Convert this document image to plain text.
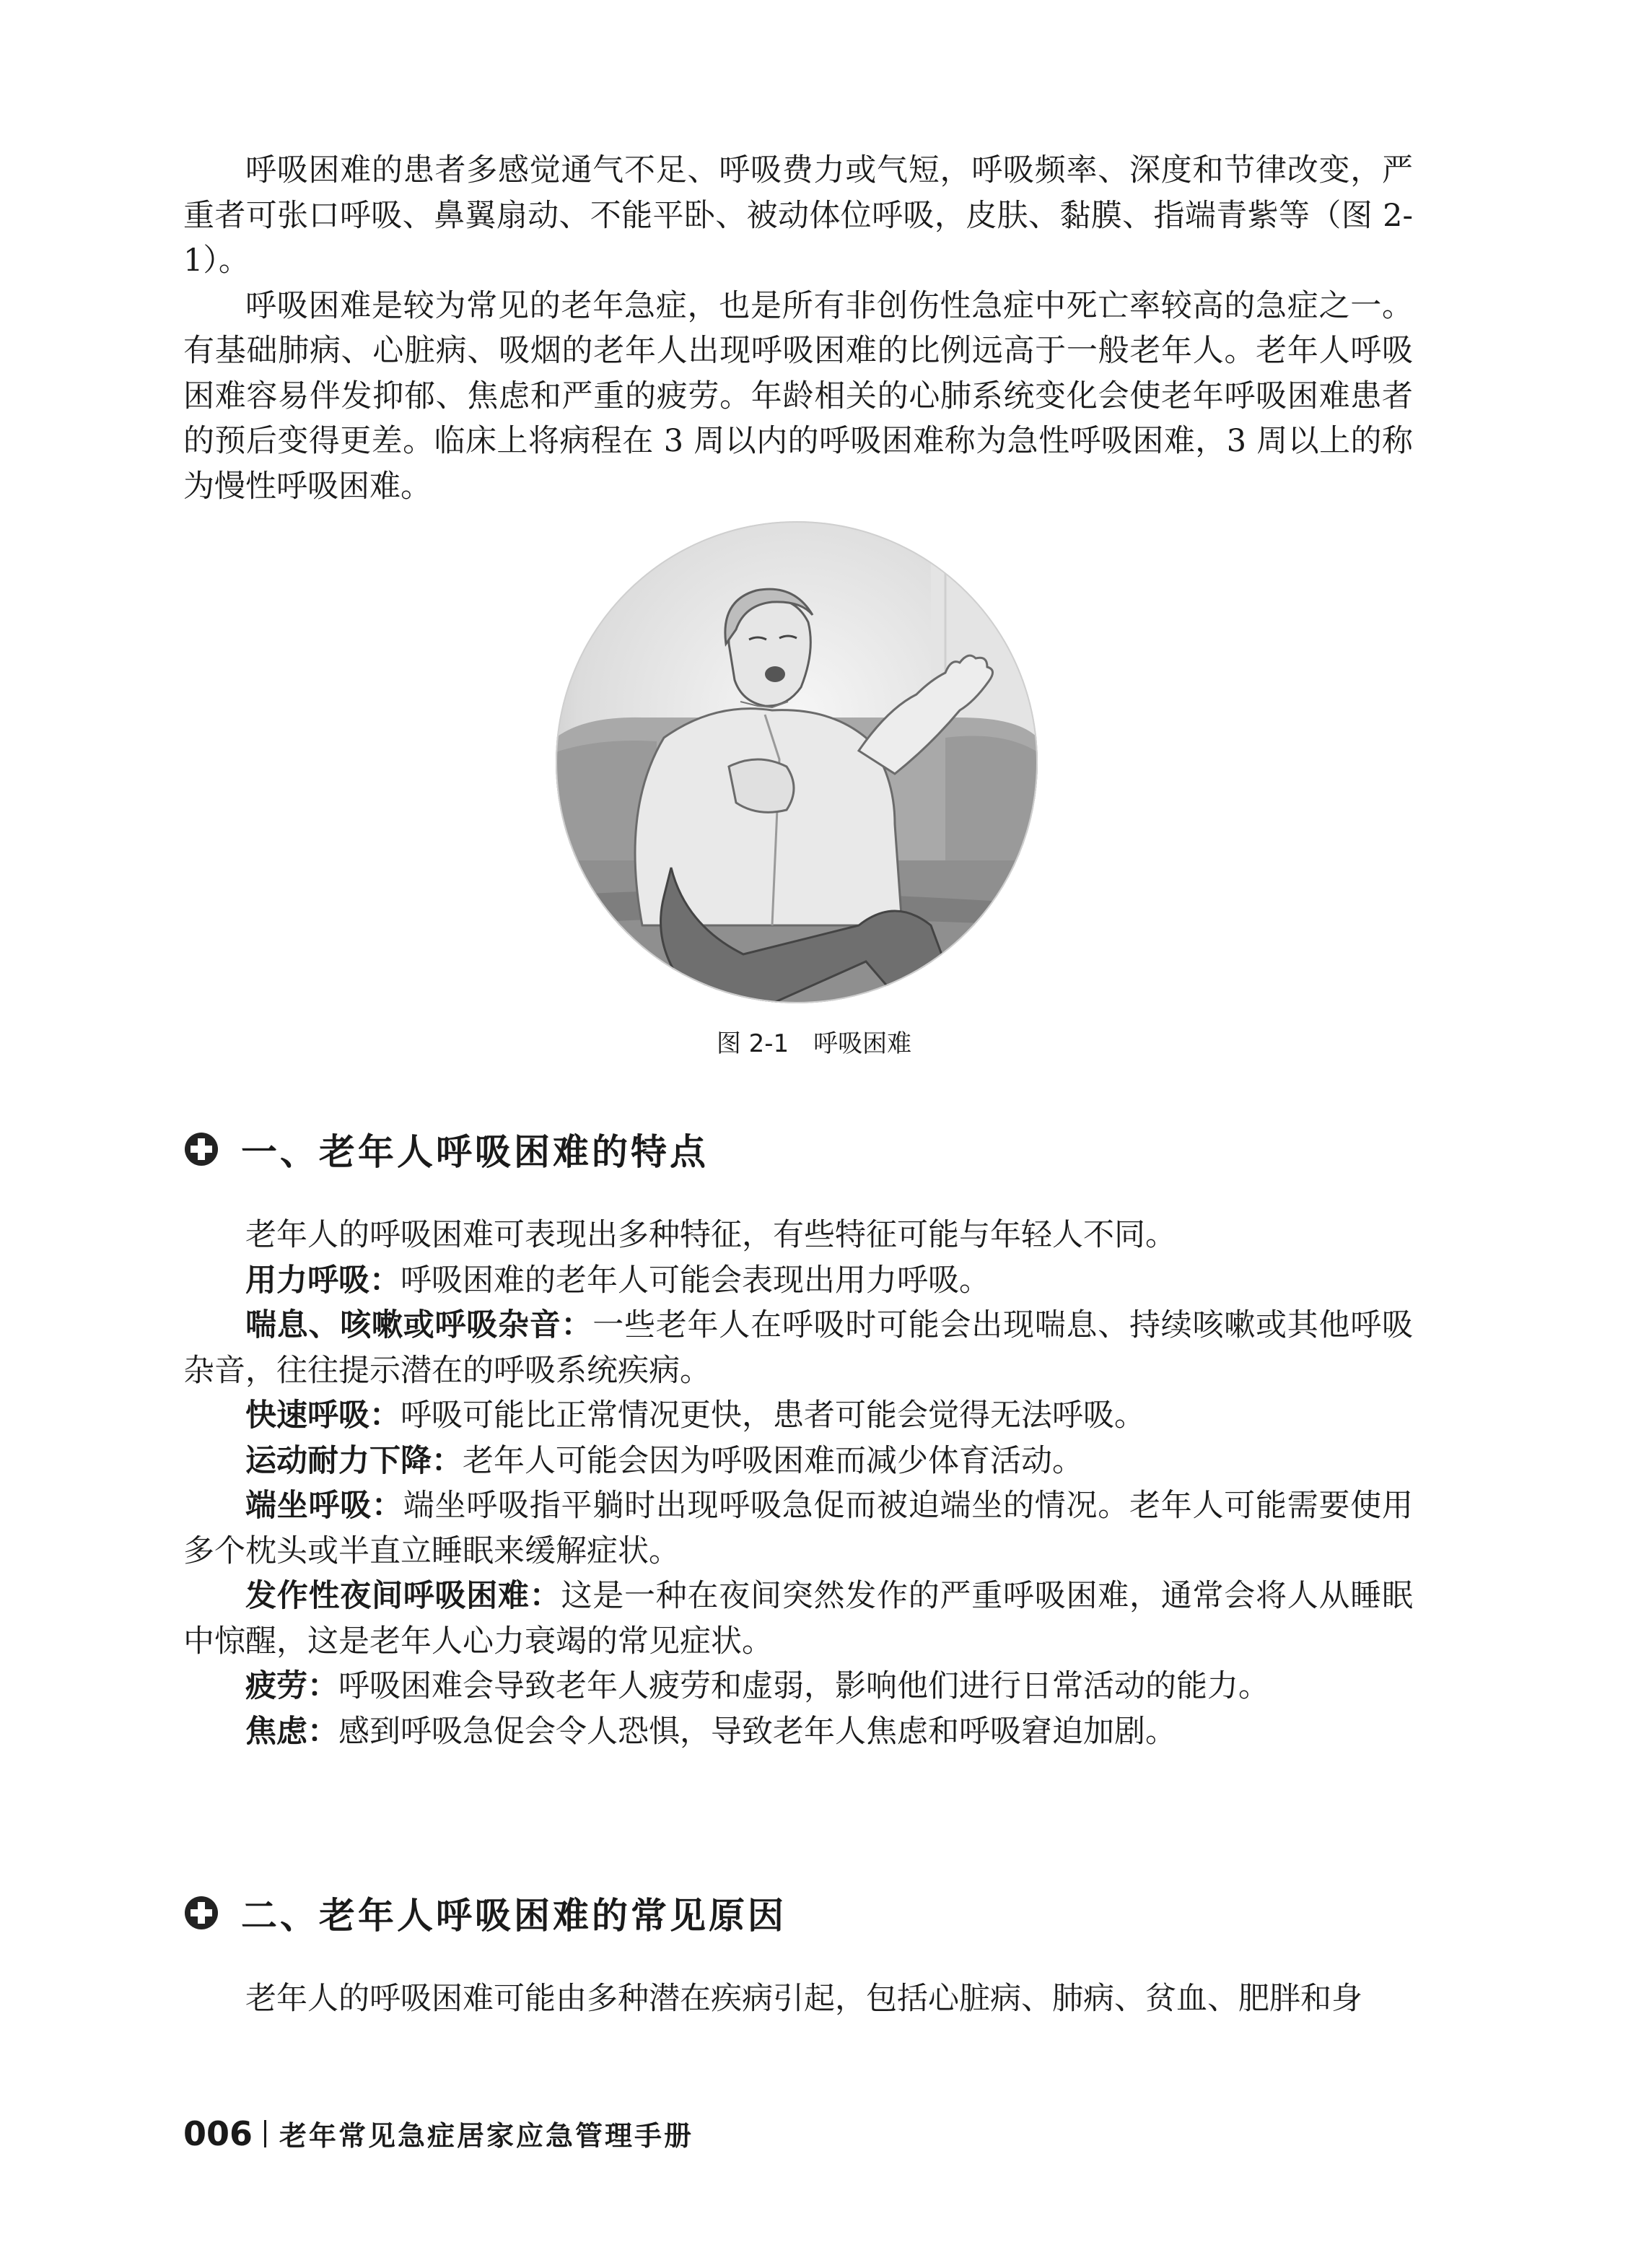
呼吸困难的患者多感觉通气不足、呼吸费力或气短，呼吸频率、深度和节律改变，严重者可张口呼吸、鼻翼扇动、不能平卧、被动体位呼吸，皮肤、黏膜、指端青紫等（图 2-1）。

呼吸困难是较为常见的老年急症，也是所有非创伤性急症中死亡率较高的急症之一。有基础肺病、心脏病、吸烟的老年人出现呼吸困难的比例远高于一般老年人。老年人呼吸困难容易伴发抑郁、焦虑和严重的疲劳。年龄相关的心肺系统变化会使老年呼吸困难患者的预后变得更差。临床上将病程在 3 周以内的呼吸困难称为急性呼吸困难，3 周以上的称为慢性呼吸困难。

图 2-1 呼吸困难
一、老年人呼吸困难的特点

老年人的呼吸困难可表现出多种特征，有些特征可能与年轻人不同。

用力呼吸：呼吸困难的老年人可能会表现出用力呼吸。

喘息、咳嗽或呼吸杂音：一些老年人在呼吸时可能会出现喘息、持续咳嗽或其他呼吸杂音，往往提示潜在的呼吸系统疾病。

快速呼吸：呼吸可能比正常情况更快，患者可能会觉得无法呼吸。

运动耐力下降：老年人可能会因为呼吸困难而减少体育活动。

端坐呼吸：端坐呼吸指平躺时出现呼吸急促而被迫端坐的情况。老年人可能需要使用多个枕头或半直立睡眠来缓解症状。

发作性夜间呼吸困难：这是一种在夜间突然发作的严重呼吸困难，通常会将人从睡眠中惊醒，这是老年人心力衰竭的常见症状。

疲劳：呼吸困难会导致老年人疲劳和虚弱，影响他们进行日常活动的能力。

焦虑：感到呼吸急促会令人恐惧，导致老年人焦虑和呼吸窘迫加剧。

二、老年人呼吸困难的常见原因

老年人的呼吸困难可能由多种潜在疾病引起，包括心脏病、肺病、贫血、肥胖和身

006 老年常见急症居家应急管理手册
